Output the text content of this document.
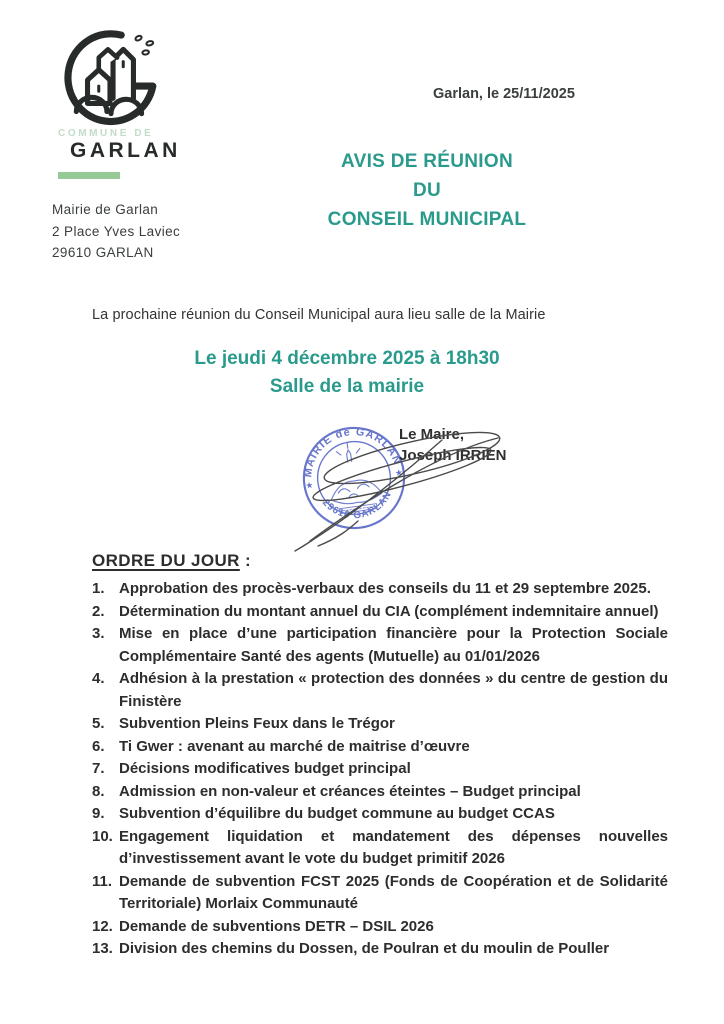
COMMUNE DE
GARLAN
Mairie de Garlan
2 Place Yves Laviec
29610 GARLAN
Garlan, le 25/11/2025
AVIS DE RÉUNION
DU
CONSEIL MUNICIPAL
La prochaine réunion du Conseil Municipal aura lieu salle de la Mairie
Le jeudi 4 décembre 2025 à 18h30
Salle de la mairie
MAIRIE de GARLAN
29610 GARLAN
★
★
Le Maire,
Joseph IRRIEN
ORDRE DU JOUR :
1. Approbation des procès-verbaux des conseils du 11 et 29 septembre 2025.
2. Détermination du montant annuel du CIA (complément indemnitaire annuel)
3. Mise en place d’une participation financière pour la Protection Sociale Complémentaire Santé des agents (Mutuelle) au 01/01/2026
4. Adhésion à la prestation « protection des données » du centre de gestion du Finistère
5. Subvention Pleins Feux dans le Trégor
6. Ti Gwer : avenant au marché de maitrise d’œuvre
7. Décisions modificatives budget principal
8. Admission en non-valeur et créances éteintes – Budget principal
9. Subvention d’équilibre du budget commune au budget CCAS
10. Engagement liquidation et mandatement des dépenses nouvelles d’investissement avant le vote du budget primitif 2026
11. Demande de subvention FCST 2025 (Fonds de Coopération et de Solidarité Territoriale) Morlaix Communauté
12. Demande de subventions DETR – DSIL 2026
13. Division des chemins du Dossen, de Poulran et du moulin de Pouller
